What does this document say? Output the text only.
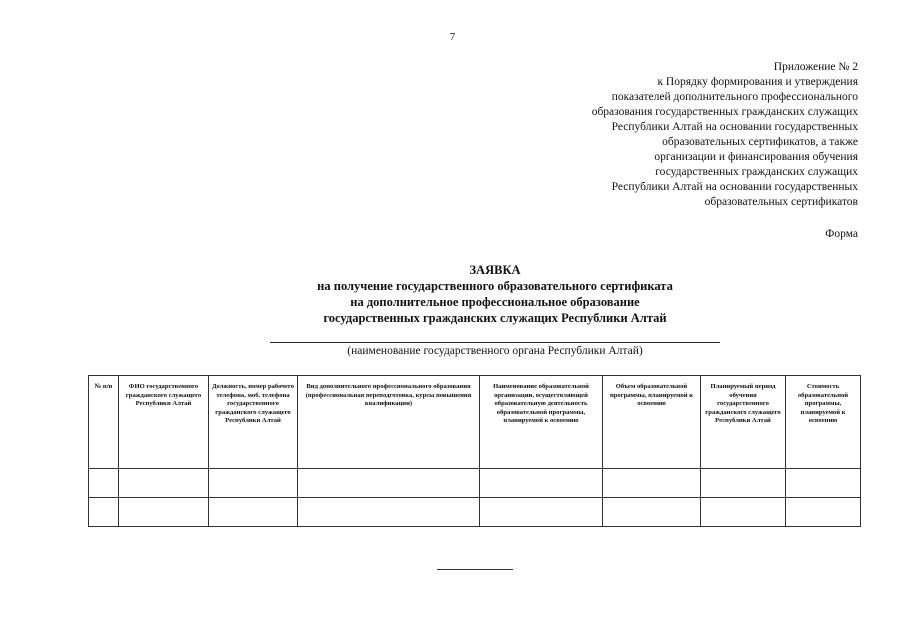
7
Приложение № 2
к Порядку формирования и утверждения
показателей дополнительного профессионального
образования государственных гражданских служащих
Республики Алтай на основании государственных
образовательных сертификатов, а также
организации и финансирования обучения
государственных гражданских служащих
Республики Алтай на основании государственных
образовательных сертификатов
Форма
ЗАЯВКА
на получение государственного образовательного сертификата
на дополнительное профессиональное образование
государственных гражданских служащих Республики Алтай
(наименование государственного органа Республики Алтай)
№ п/п	ФИО государственного гражданского служащего Республики Алтай	Должность, номер рабочего телефона, моб. телефона государственного гражданского служащего Республики Алтай	Вид дополнительного профессионального образования (профессиональная переподготовка, курсы повышения квалификации)	Наименование образовательной организации, осуществляющей образовательную деятельность образовательной программы, планируемой к освоению	Объем образовательной программы, планируемой к освоению	Планируемый период обучения государственного гражданского служащего Республики Алтай	Стоимость образовательной программы, планируемой к освоению
